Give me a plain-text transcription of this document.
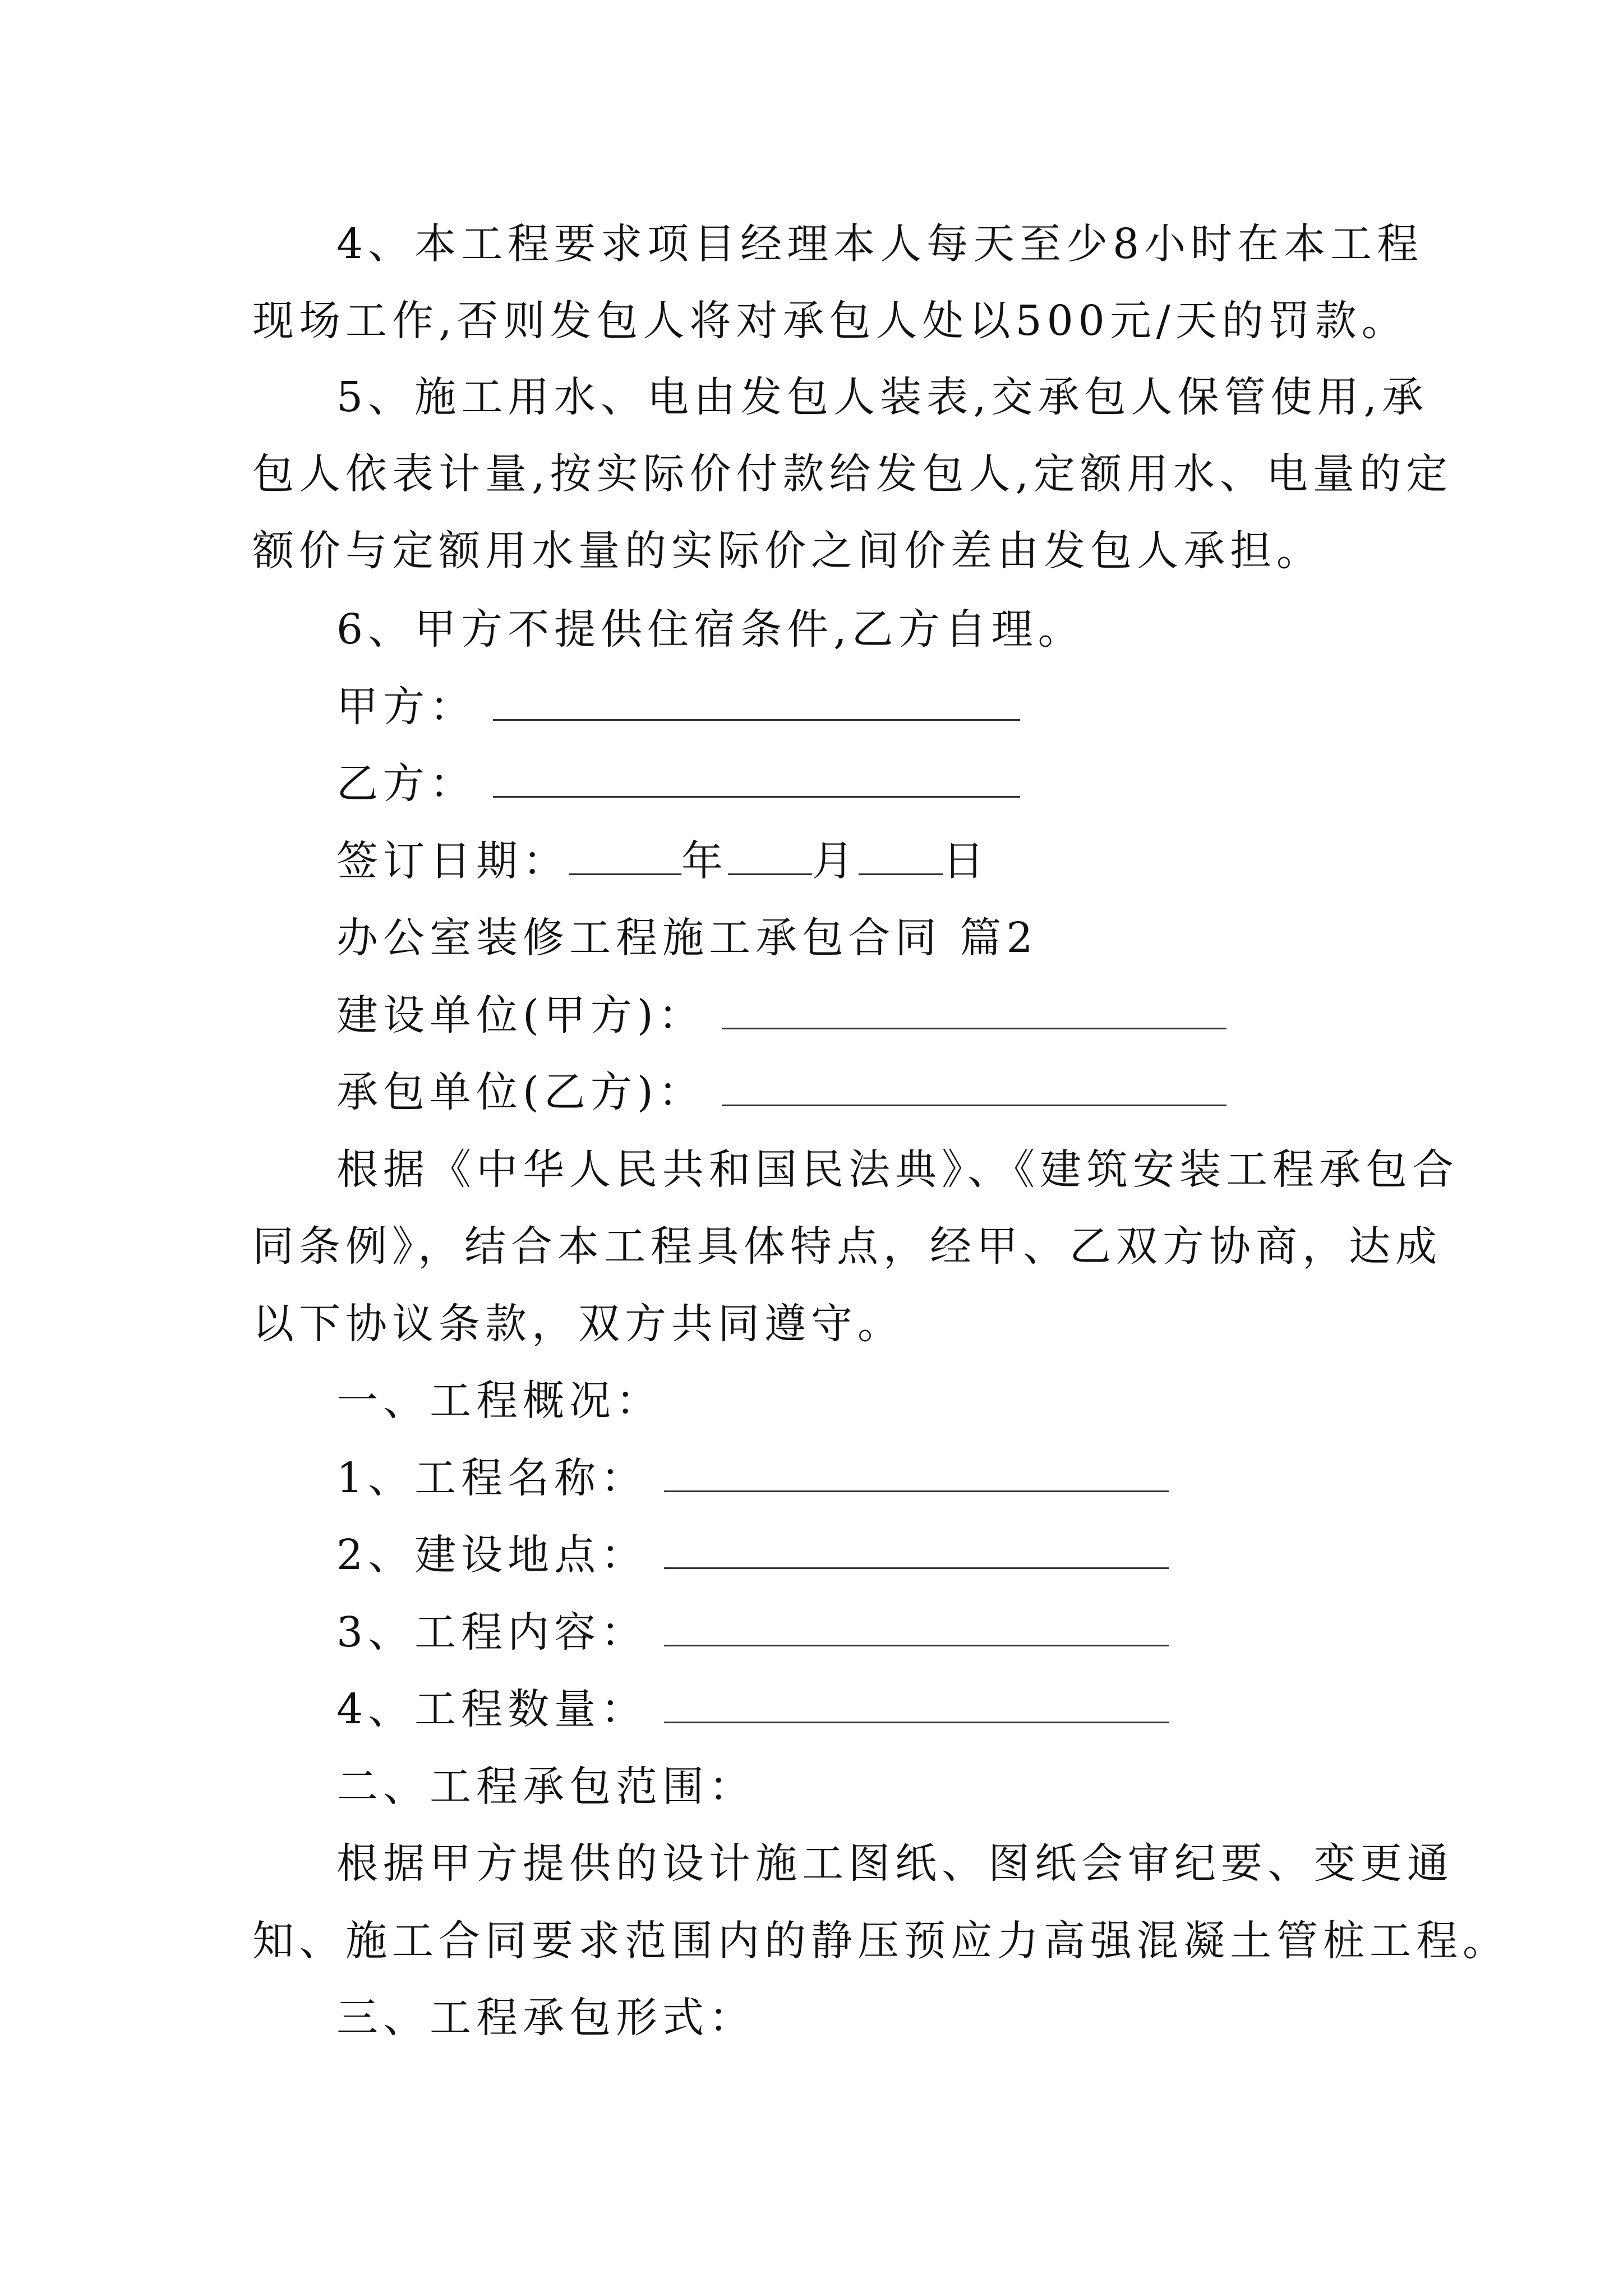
4、本工程要求项目经理本人每天至少8小时在本工程
现场工作,否则发包人将对承包人处以500元/天的罚款。
5、施工用水、电由发包人装表,交承包人保管使用,承
包人依表计量,按实际价付款给发包人,定额用水、电量的定
额价与定额用水量的实际价之间价差由发包人承担。
6、甲方不提供住宿条件,乙方自理。
甲方：
乙方：
签订日期：	年 月 日
办公室装修工程施工承包合同 篇2
建设单位(甲方)：
承包单位(乙方)：
根据《中华人民共和国民法典》、《建筑安装工程承包合
同条例》，结合本工程具体特点，经甲、乙双方协商，达成
以下协议条款，双方共同遵守。
一、工程概况：
1、工程名称：
2、建设地点：
3、工程内容：
4、工程数量：
二、工程承包范围：
根据甲方提供的设计施工图纸、图纸会审纪要、变更通
知、施工合同要求范围内的静压预应力高强混凝土管桩工程。
三、工程承包形式：
